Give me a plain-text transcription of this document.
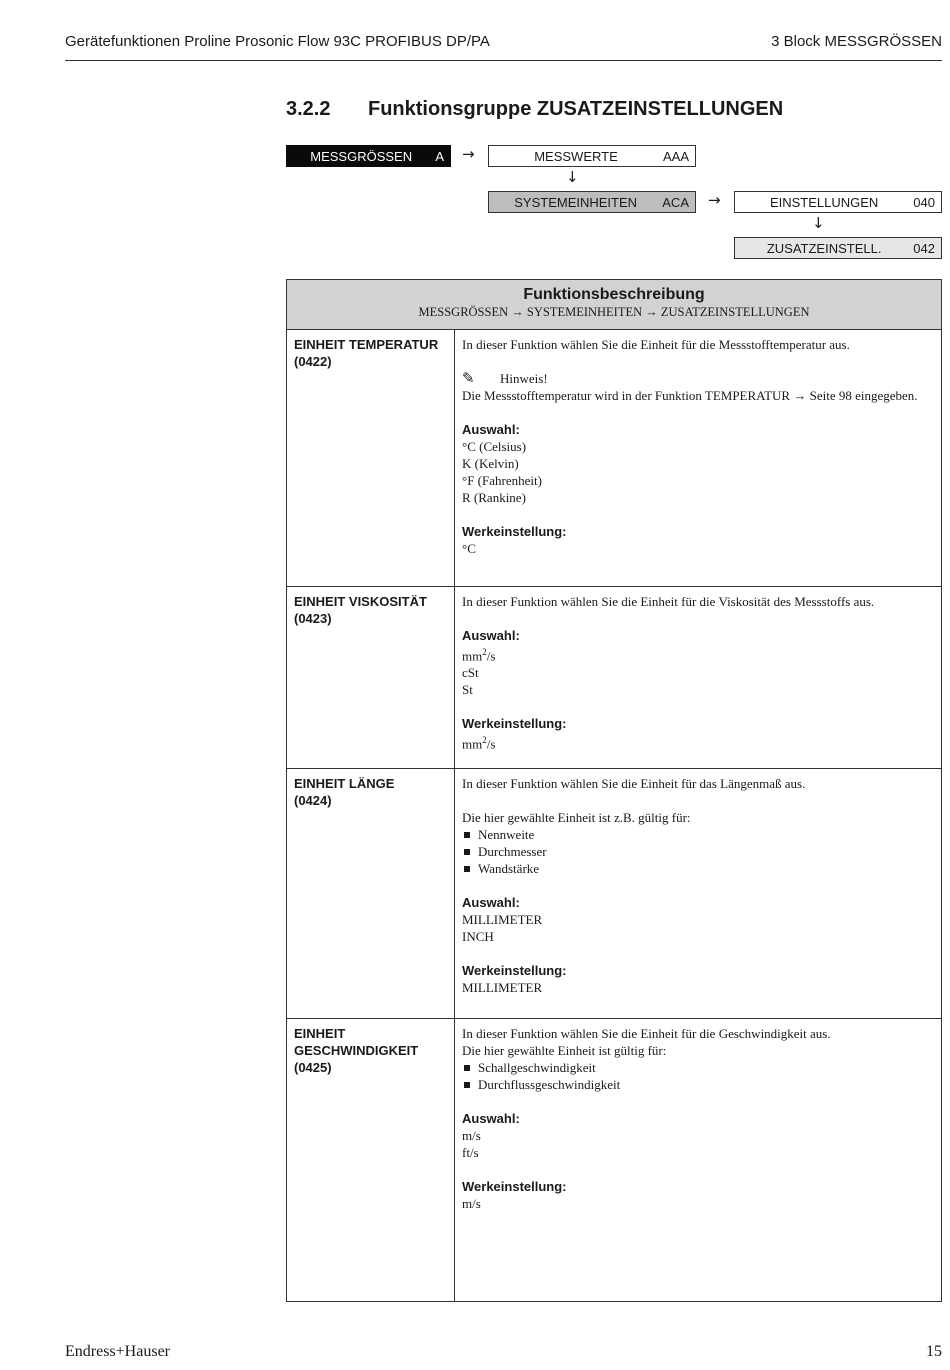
Gerätefunktionen Proline Prosonic Flow 93C PROFIBUS DP/PA	3 Block MESSGRÖSSEN
3.2.2 Funktionsgruppe ZUSATZEINSTELLUNGEN
MESSGRÖSSEN	A	→	MESSWERTE	AAA
↓
SYSTEMEINHEITEN	ACA	→	EINSTELLUNGEN	040
↓
ZUSATZEINSTELL.	042
Funktionsbeschreibung
MESSGRÖSSEN → SYSTEMEINHEITEN → ZUSATZEINSTELLUNGEN
EINHEIT TEMPERATUR
(0422)

In dieser Funktion wählen Sie die Einheit für die Messstofftemperatur aus.

✎ Hinweis!

Die Messstofftemperatur wird in der Funktion TEMPERATUR → Seite 98 eingegeben.

Auswahl:

°C (Celsius)

K (Kelvin)

°F (Fahrenheit)

R (Rankine)

Werkeinstellung:

°C

EINHEIT VISKOSITÄT
(0423)

In dieser Funktion wählen Sie die Einheit für die Viskosität des Messstoffs aus.

Auswahl:

$mm^2/s$

cSt

St

Werkeinstellung:

$mm^2/s$

EINHEIT LÄNGE
(0424)

In dieser Funktion wählen Sie die Einheit für das Längenmaß aus.

Die hier gewählte Einheit ist z.B. gültig für:

Nennweite
Durchmesser
Wandstärke

Auswahl:

MILLIMETER

INCH

Werkeinstellung:

MILLIMETER

EINHEIT
GESCHWINDIGKEIT
(0425)

In dieser Funktion wählen Sie die Einheit für die Geschwindigkeit aus.

Die hier gewählte Einheit ist gültig für:

Schallgeschwindigkeit
Durchflussgeschwindigkeit

Auswahl:

m/s

ft/s

Werkeinstellung:

m/s

Endress+Hauser	15
